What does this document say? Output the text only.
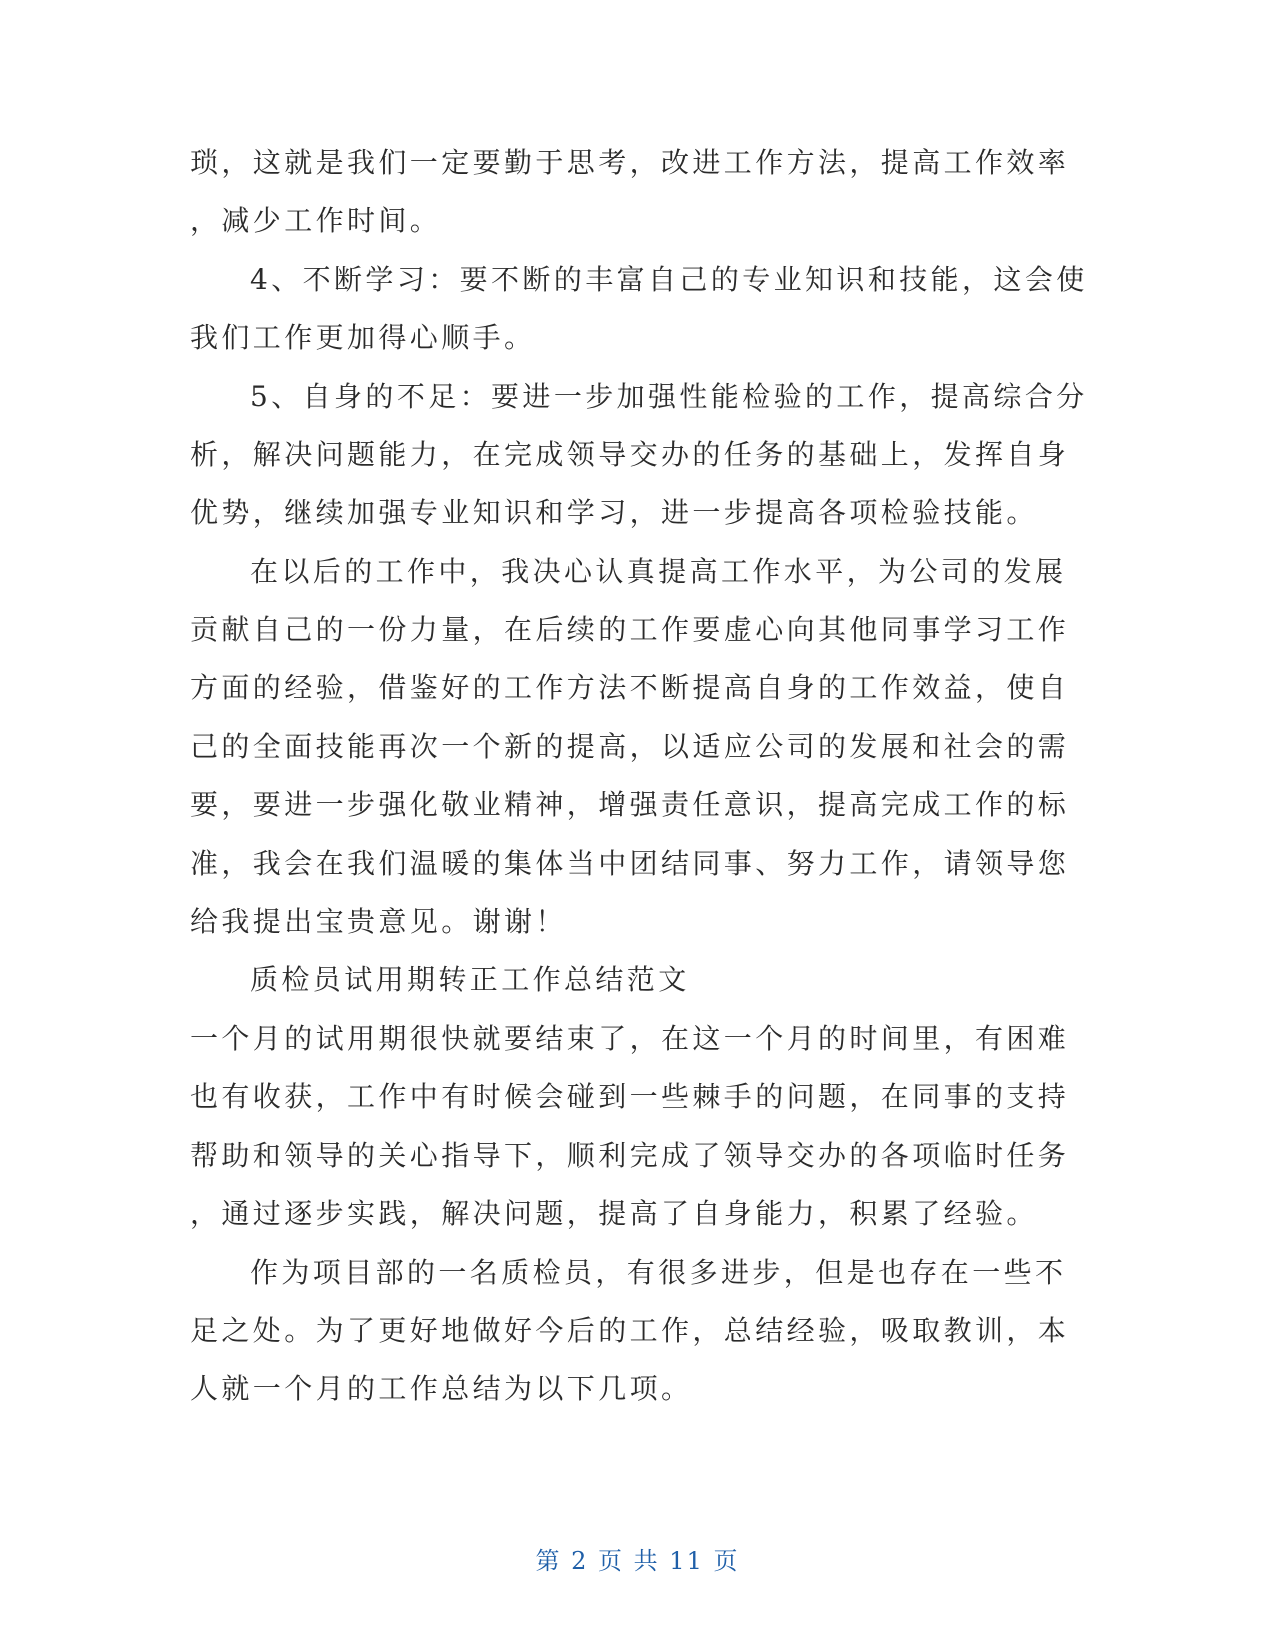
琐，这就是我们一定要勤于思考，改进工作方法，提高工作效率
，减少工作时间。
4、不断学习：要不断的丰富自己的专业知识和技能，这会使
我们工作更加得心顺手。
5、自身的不足：要进一步加强性能检验的工作，提高综合分
析，解决问题能力，在完成领导交办的任务的基础上，发挥自身
优势，继续加强专业知识和学习，进一步提高各项检验技能。
在以后的工作中，我决心认真提高工作水平，为公司的发展
贡献自己的一份力量，在后续的工作要虚心向其他同事学习工作
方面的经验，借鉴好的工作方法不断提高自身的工作效益，使自
己的全面技能再次一个新的提高，以适应公司的发展和社会的需
要，要进一步强化敬业精神，增强责任意识，提高完成工作的标
准，我会在我们温暖的集体当中团结同事、努力工作，请领导您
给我提出宝贵意见。谢谢！
质检员试用期转正工作总结范文
一个月的试用期很快就要结束了，在这一个月的时间里，有困难
也有收获，工作中有时候会碰到一些棘手的问题，在同事的支持
帮助和领导的关心指导下，顺利完成了领导交办的各项临时任务
，通过逐步实践，解决问题，提高了自身能力，积累了经验。
作为项目部的一名质检员，有很多进步，但是也存在一些不
足之处。为了更好地做好今后的工作，总结经验，吸取教训，本
人就一个月的工作总结为以下几项。
第 2 页 共 11 页
